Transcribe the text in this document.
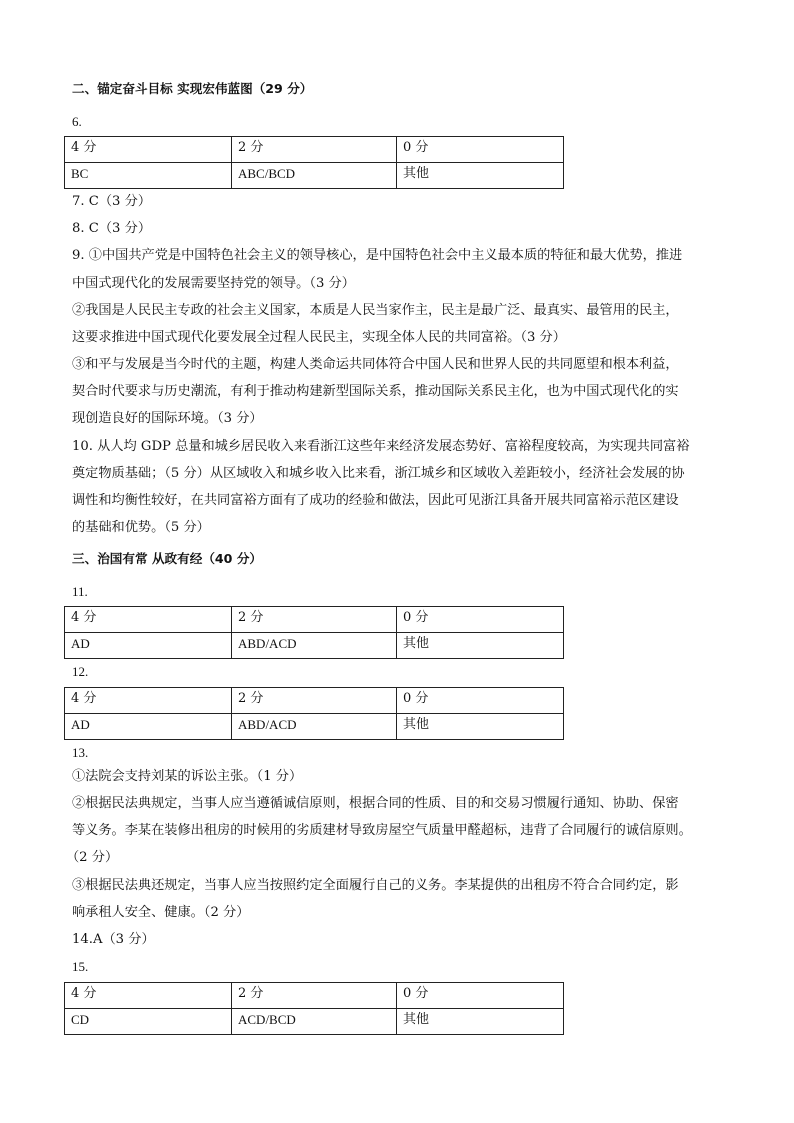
二、锚定奋斗目标 实现宏伟蓝图（29 分）
6.
4 分	2 分	0 分
BC	ABC/BCD	其他
7. C（3 分）
8. C（3 分）
9. ①中国共产党是中国特色社会主义的领导核心，是中国特色社会中主义最本质的特征和最大优势，推进
中国式现代化的发展需要坚持党的领导。（3 分）
②我国是人民民主专政的社会主义国家，本质是人民当家作主，民主是最广泛、最真实、最管用的民主，
这要求推进中国式现代化要发展全过程人民民主，实现全体人民的共同富裕。（3 分）
③和平与发展是当今时代的主题，构建人类命运共同体符合中国人民和世界人民的共同愿望和根本利益，
契合时代要求与历史潮流，有利于推动构建新型国际关系，推动国际关系民主化，也为中国式现代化的实
现创造良好的国际环境。（3 分）
10. 从人均 GDP 总量和城乡居民收入来看浙江这些年来经济发展态势好、富裕程度较高，为实现共同富裕
奠定物质基础；（5 分）从区域收入和城乡收入比来看，浙江城乡和区域收入差距较小，经济社会发展的协
调性和均衡性较好，在共同富裕方面有了成功的经验和做法，因此可见浙江具备开展共同富裕示范区建设
的基础和优势。（5 分）
三、治国有常 从政有经（40 分）
11.
4 分	2 分	0 分
AD	ABD/ACD	其他
12.
4 分	2 分	0 分
AD	ABD/ACD	其他
13.
①法院会支持刘某的诉讼主张。（1 分）
②根据民法典规定，当事人应当遵循诚信原则，根据合同的性质、目的和交易习惯履行通知、协助、保密
等义务。李某在装修出租房的时候用的劣质建材导致房屋空气质量甲醛超标，违背了合同履行的诚信原则。
（2 分）
③根据民法典还规定，当事人应当按照约定全面履行自己的义务。李某提供的出租房不符合合同约定，影
响承租人安全、健康。（2 分）
14.A（3 分）
15.
4 分	2 分	0 分
CD	ACD/BCD	其他
